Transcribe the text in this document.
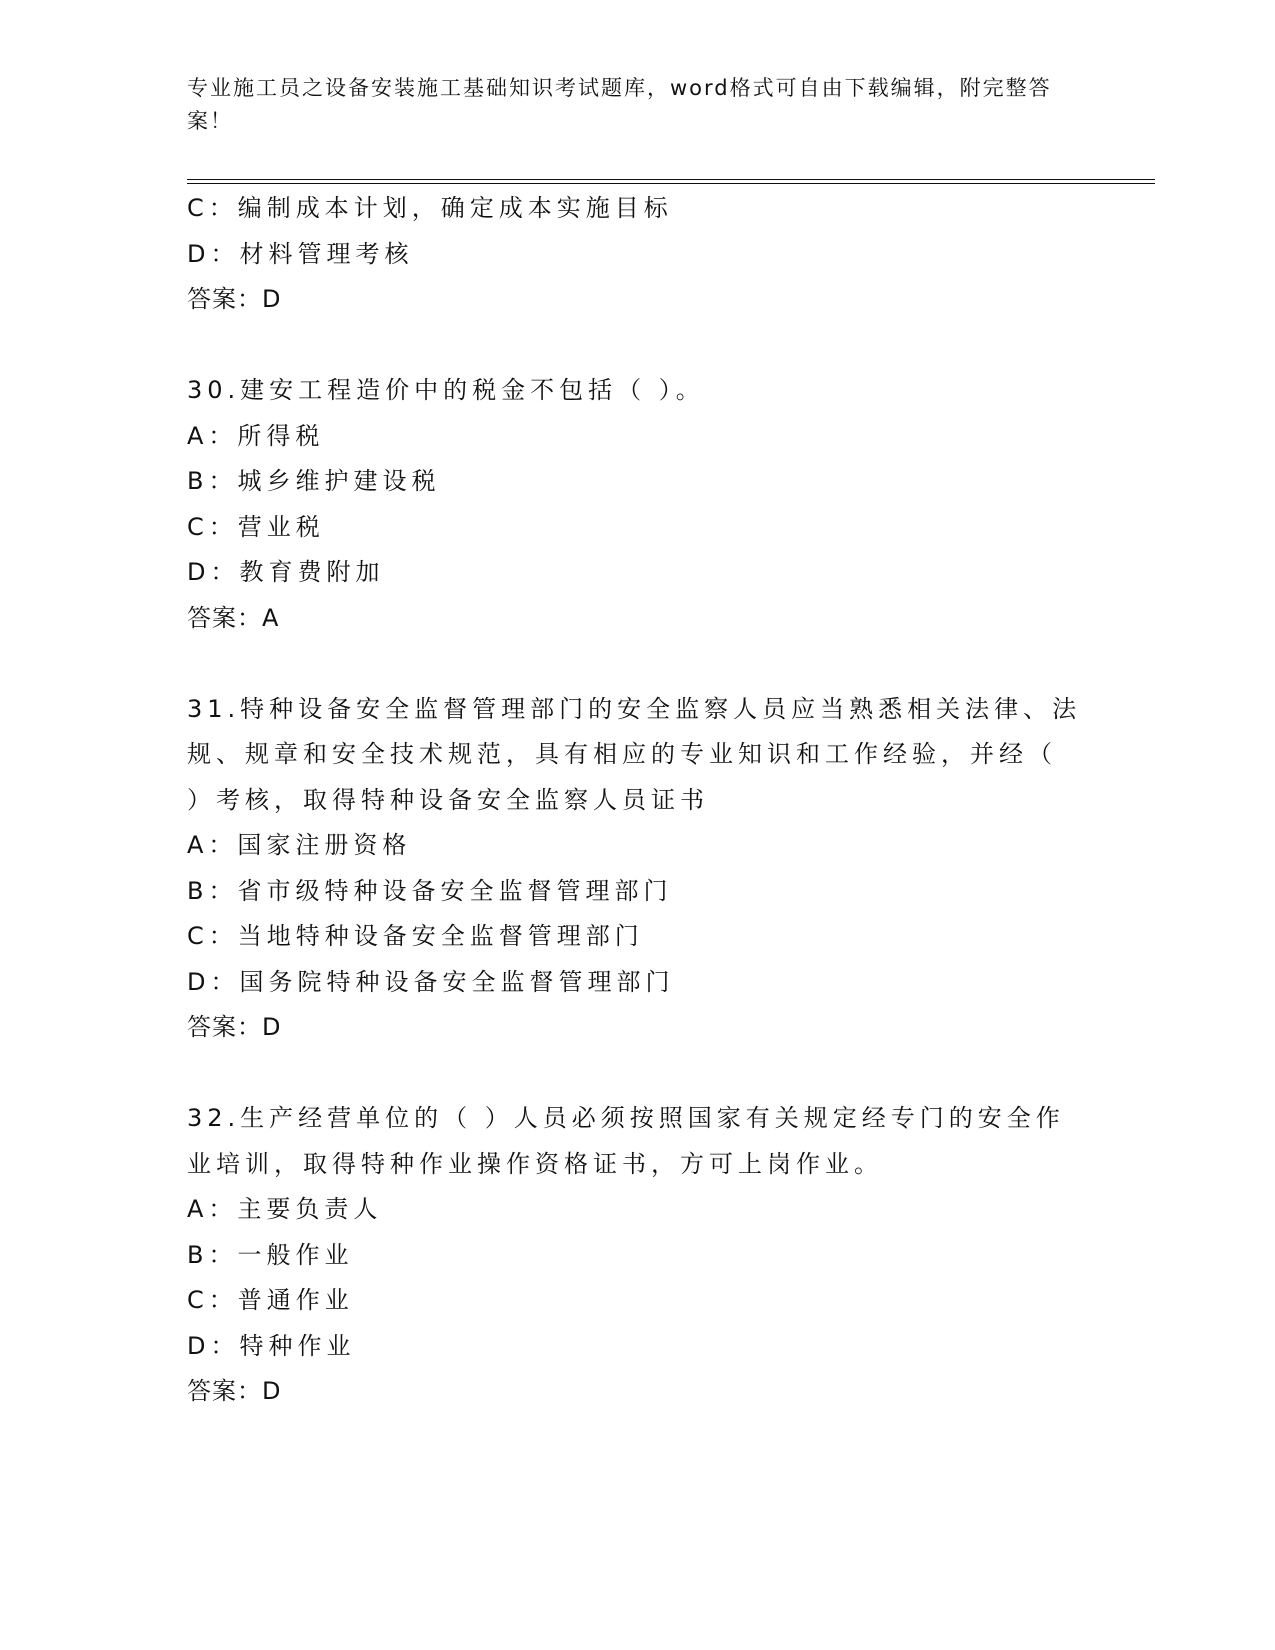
专业施工员之设备安装施工基础知识考试题库，word格式可自由下载编辑，附完整答案！
C：编制成本计划，确定成本实施目标
D：材料管理考核
答案：D
30.建安工程造价中的税金不包括（ ）。
A：所得税
B：城乡维护建设税
C：营业税
D：教育费附加
答案：A
31.特种设备安全监督管理部门的安全监察人员应当熟悉相关法律、法
规、规章和安全技术规范，具有相应的专业知识和工作经验，并经（
）考核，取得特种设备安全监察人员证书
A：国家注册资格
B：省市级特种设备安全监督管理部门
C：当地特种设备安全监督管理部门
D：国务院特种设备安全监督管理部门
答案：D
32.生产经营单位的（ ）人员必须按照国家有关规定经专门的安全作
业培训，取得特种作业操作资格证书，方可上岗作业。
A：主要负责人
B：一般作业
C：普通作业
D：特种作业
答案：D
